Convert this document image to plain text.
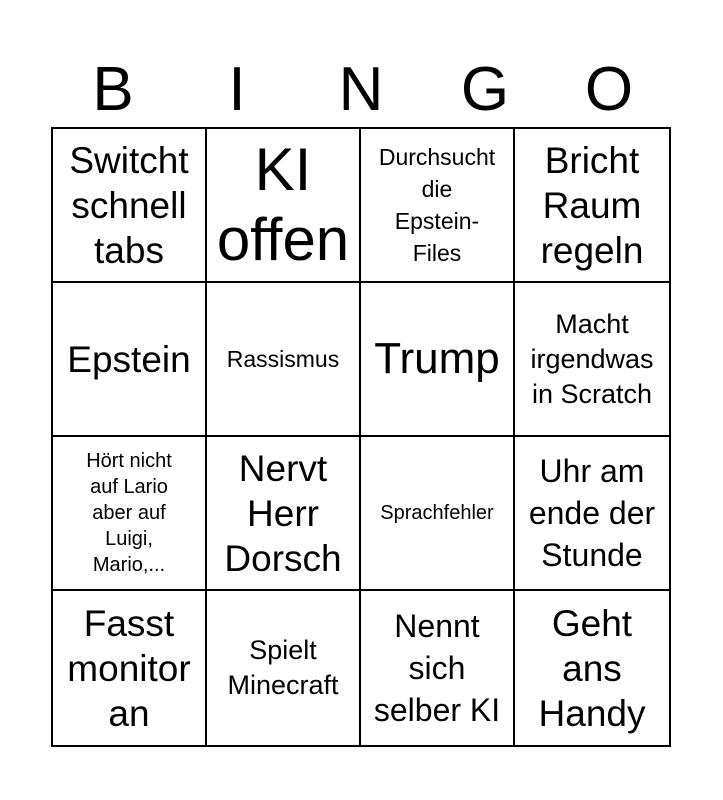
B	I	N	G	O
Switcht
schnell
tabs
KI
offen
Durchsucht
die
Epstein-
Files
Bricht
Raum
regeln
Epstein Rassismus Trump
Macht
irgendwas
in Scratch
Hört nicht
auf Lario
aber auf
Luigi,
Mario,...
Nervt
Herr
Dorsch
Sprachfehler
Uhr am
ende der
Stunde
Fasst
monitor
an
Spielt
Minecraft
Nennt
sich
selber KI
Geht
ans
Handy
